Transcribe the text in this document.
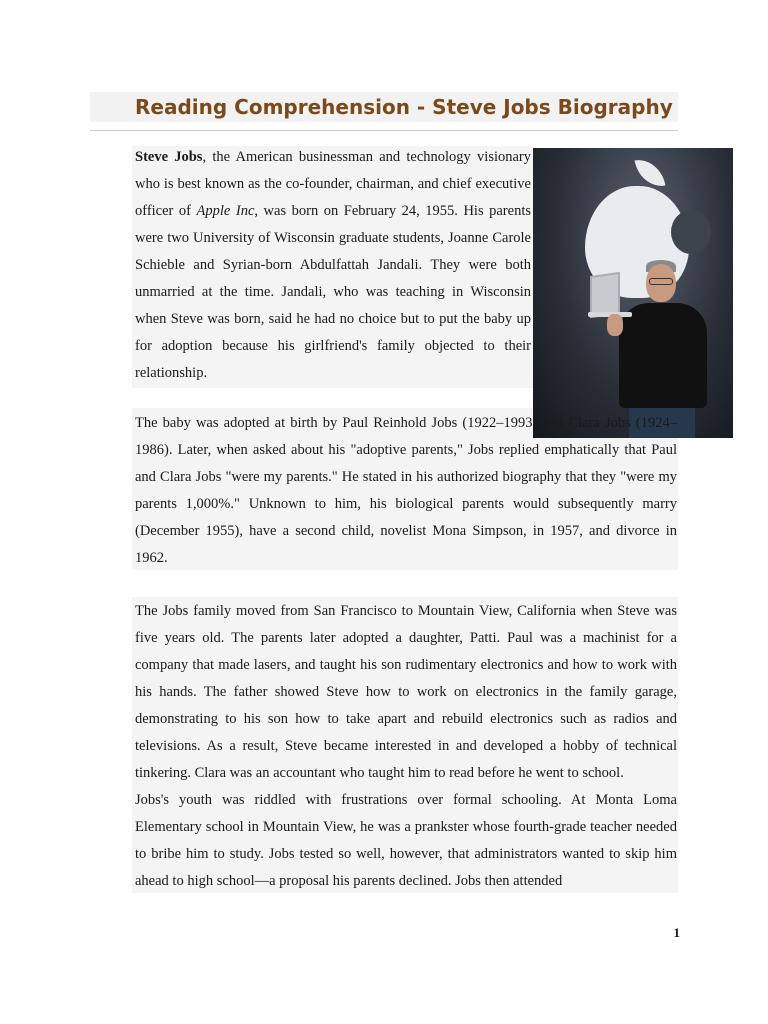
Reading Comprehension - Steve Jobs Biography

Steve Jobs, the American businessman and technology visionary who is best known as the co-founder, chairman, and chief executive officer of Apple Inc, was born on February 24, 1955. His parents were two University of Wisconsin graduate students, Joanne Carole Schieble and Syrian-born Abdulfattah Jandali. They were both unmarried at the time. Jandali, who was teaching in Wisconsin when Steve was born, said he had no choice but to put the baby up for adoption because his girlfriend's family objected to their relationship.

The baby was adopted at birth by Paul Reinhold Jobs (1922–1993) and Clara Jobs (1924–1986). Later, when asked about his "adoptive parents," Jobs replied emphatically that Paul and Clara Jobs "were my parents." He stated in his authorized biography that they "were my parents 1,000%." Unknown to him, his biological parents would subsequently marry (December 1955), have a second child, novelist Mona Simpson, in 1957, and divorce in 1962.

The Jobs family moved from San Francisco to Mountain View, California when Steve was five years old. The parents later adopted a daughter, Patti. Paul was a machinist for a company that made lasers, and taught his son rudimentary electronics and how to work with his hands. The father showed Steve how to work on electronics in the family garage, demonstrating to his son how to take apart and rebuild electronics such as radios and televisions. As a result, Steve became interested in and developed a hobby of technical tinkering. Clara was an accountant who taught him to read before he went to school.

Jobs's youth was riddled with frustrations over formal schooling. At Monta Loma Elementary school in Mountain View, he was a prankster whose fourth-grade teacher needed to bribe him to study. Jobs tested so well, however, that administrators wanted to skip him ahead to high school—a proposal his parents declined. Jobs then attended

1
